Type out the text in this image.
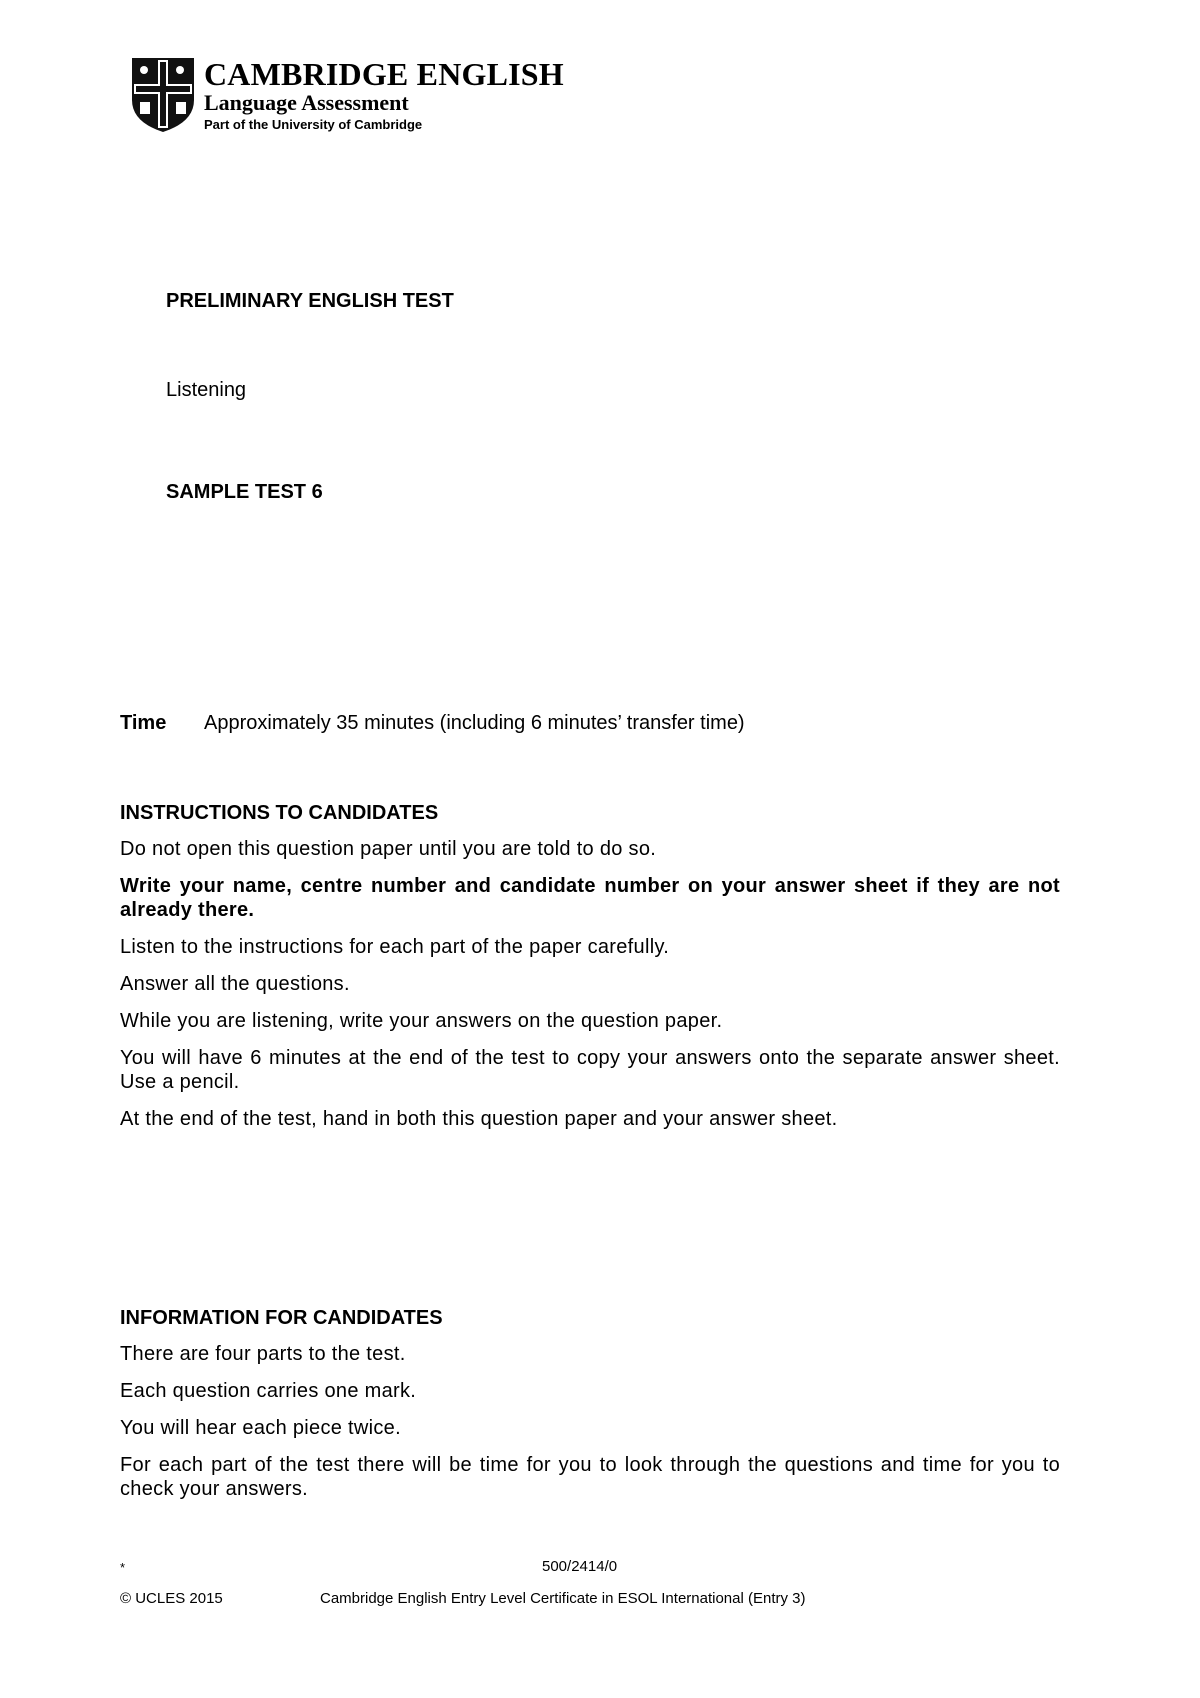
CAMBRIDGE ENGLISH
Language Assessment
Part of the University of Cambridge
PRELIMINARY ENGLISH TEST
Listening
SAMPLE TEST 6
Time Approximately 35 minutes (including 6 minutes’ transfer time)
INSTRUCTIONS TO CANDIDATES

Do not open this question paper until you are told to do so.

Write your name, centre number and candidate number on your answer sheet if they are not already there.

Listen to the instructions for each part of the paper carefully.

Answer all the questions.

While you are listening, write your answers on the question paper.

You will have 6 minutes at the end of the test to copy your answers onto the separate answer sheet. Use a pencil.

At the end of the test, hand in both this question paper and your answer sheet.

INFORMATION FOR CANDIDATES

There are four parts to the test.

Each question carries one mark.

You will hear each piece twice.

For each part of the test there will be time for you to look through the questions and time for you to check your answers.

*	500/2414/0
© UCLES 2015	Cambridge English Entry Level Certificate in ESOL International (Entry 3)
